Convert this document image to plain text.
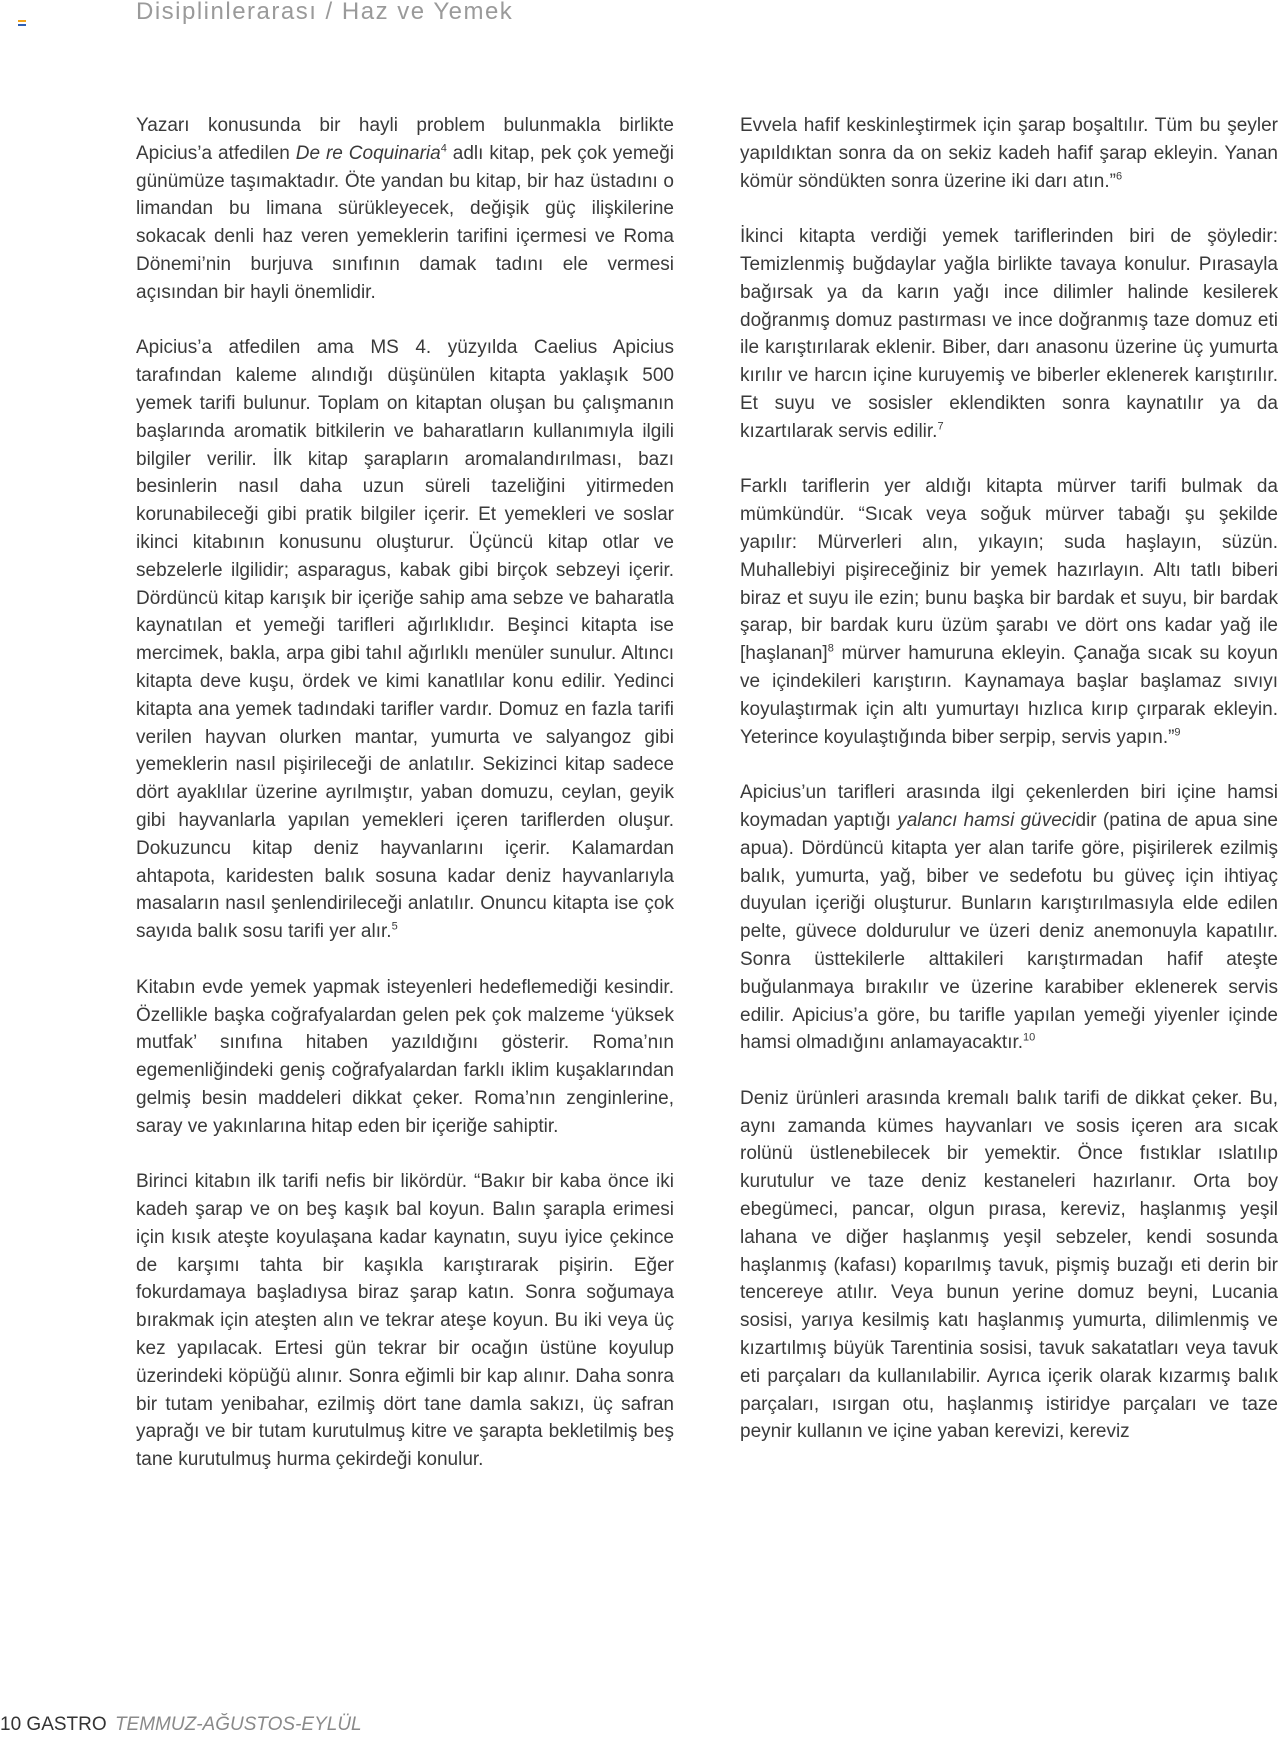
Disiplinlerarası / Haz ve Yemek

Yazarı konusunda bir hayli problem bulunmakla birlikte Apicius’a atfedilen De re Coquinaria$^4$ adlı kitap, pek çok yemeği günümüze taşımaktadır. Öte yandan bu kitap, bir haz üstadını o limandan bu limana sürükleyecek, değişik güç ilişkilerine sokacak denli haz veren yemeklerin tarifini içermesi ve Roma Dönemi’nin burjuva sınıfının damak tadını ele vermesi açısından bir hayli önemlidir.

Apicius’a atfedilen ama MS 4. yüzyılda Caelius Apicius tarafından kaleme alındığı düşünülen kitapta yaklaşık 500 yemek tarifi bulunur. Toplam on kitaptan oluşan bu çalışmanın başlarında aromatik bitkilerin ve baharatların kullanımıyla ilgili bilgiler verilir. İlk kitap şarapların aromalandırılması, bazı besinlerin nasıl daha uzun süreli tazeliğini yitirmeden korunabileceği gibi pratik bilgiler içerir. Et yemekleri ve soslar ikinci kitabının konusunu oluşturur. Üçüncü kitap otlar ve sebzelerle ilgilidir; asparagus, kabak gibi birçok sebzeyi içerir. Dördüncü kitap karışık bir içeriğe sahip ama sebze ve baharatla kaynatılan et yemeği tarifleri ağırlıklıdır. Beşinci kitapta ise mercimek, bakla, arpa gibi tahıl ağırlıklı menüler sunulur. Altıncı kitapta deve kuşu, ördek ve kimi kanatlılar konu edilir. Yedinci kitapta ana yemek tadındaki tarifler vardır. Domuz en fazla tarifi verilen hayvan olurken mantar, yumurta ve salyangoz gibi yemeklerin nasıl pişirileceği de anlatılır. Sekizinci kitap sadece dört ayaklılar üzerine ayrılmıştır, yaban domuzu, ceylan, geyik gibi hayvanlarla yapılan yemekleri içeren tariflerden oluşur. Dokuzuncu kitap deniz hayvanlarını içerir. Kalamardan ahtapota, karidesten balık sosuna kadar deniz hayvanlarıyla masaların nasıl şenlendirileceği anlatılır. Onuncu kitapta ise çok sayıda balık sosu tarifi yer alır.$^5$

Kitabın evde yemek yapmak isteyenleri hedeflemediği kesindir. Özellikle başka coğrafyalardan gelen pek çok malzeme ‘yüksek mutfak’ sınıfına hitaben yazıldığını gösterir. Roma’nın egemenliğindeki geniş coğrafyalardan farklı iklim kuşaklarından gelmiş besin maddeleri dikkat çeker. Roma’nın zenginlerine, saray ve yakınlarına hitap eden bir içeriğe sahiptir.

Birinci kitabın ilk tarifi nefis bir likördür. “Bakır bir kaba önce iki kadeh şarap ve on beş kaşık bal koyun. Balın şarapla erimesi için kısık ateşte koyulaşana kadar kaynatın, suyu iyice çekince de karşımı tahta bir kaşıkla karıştırarak pişirin. Eğer fokurdamaya başladıysa biraz şarap katın. Sonra soğumaya bırakmak için ateşten alın ve tekrar ateşe koyun. Bu iki veya üç kez yapılacak. Ertesi gün tekrar bir ocağın üstüne koyulup üzerindeki köpüğü alınır. Sonra eğimli bir kap alınır. Daha sonra bir tutam yenibahar, ezilmiş dört tane damla sakızı, üç safran yaprağı ve bir tutam kurutulmuş kitre ve şarapta bekletilmiş beş tane kurutulmuş hurma çekirdeği konulur.

Evvela hafif keskinleştirmek için şarap boşaltılır. Tüm bu şeyler yapıldıktan sonra da on sekiz kadeh hafif şarap ekleyin. Yanan kömür söndükten sonra üzerine iki darı atın.”$^6$

İkinci kitapta verdiği yemek tariflerinden biri de şöyledir: Temizlenmiş buğdaylar yağla birlikte tavaya konulur. Pırasayla bağırsak ya da karın yağı ince dilimler halinde kesilerek doğranmış domuz pastırması ve ince doğranmış taze domuz eti ile karıştırılarak eklenir. Biber, darı anasonu üzerine üç yumurta kırılır ve harcın içine kuruyemiş ve biberler eklenerek karıştırılır. Et suyu ve sosisler eklendikten sonra kaynatılır ya da kızartılarak servis edilir.$^7$

Farklı tariflerin yer aldığı kitapta mürver tarifi bulmak da mümkündür. “Sıcak veya soğuk mürver tabağı şu şekilde yapılır: Mürverleri alın, yıkayın; suda haşlayın, süzün. Muhallebiyi pişireceğiniz bir yemek hazırlayın. Altı tatlı biberi biraz et suyu ile ezin; bunu başka bir bardak et suyu, bir bardak şarap, bir bardak kuru üzüm şarabı ve dört ons kadar yağ ile [haşlanan]$^8$ mürver hamuruna ekleyin. Çanağa sıcak su koyun ve içindekileri karıştırın. Kaynamaya başlar başlamaz sıvıyı koyulaştırmak için altı yumurtayı hızlıca kırıp çırparak ekleyin. Yeterince koyulaştığında biber serpip, servis yapın.”$^9$

Apicius’un tarifleri arasında ilgi çekenlerden biri içine hamsi koymadan yaptığı yalancı hamsi güvecidir (patina de apua sine apua). Dördüncü kitapta yer alan tarife göre, pişirilerek ezilmiş balık, yumurta, yağ, biber ve sedefotu bu güveç için ihtiyaç duyulan içeriği oluşturur. Bunların karıştırılmasıyla elde edilen pelte, güvece doldurulur ve üzeri deniz anemonuyla kapatılır. Sonra üsttekilerle alttakileri karıştırmadan hafif ateşte buğulanmaya bırakılır ve üzerine karabiber eklenerek servis edilir. Apicius’a göre, bu tarifle yapılan yemeği yiyenler içinde hamsi olmadığını anlamayacaktır.$^{10}$

Deniz ürünleri arasında kremalı balık tarifi de dikkat çeker. Bu, aynı zamanda kümes hayvanları ve sosis içeren ara sıcak rolünü üstlenebilecek bir yemektir. Önce fıstıklar ıslatılıp kurutulur ve taze deniz kestaneleri hazırlanır. Orta boy ebegümeci, pancar, olgun pırasa, kereviz, haşlanmış yeşil lahana ve diğer haşlanmış yeşil sebzeler, kendi sosunda haşlanmış (kafası) koparılmış tavuk, pişmiş buzağı eti derin bir tencereye atılır. Veya bunun yerine domuz beyni, Lucania sosisi, yarıya kesilmiş katı haşlanmış yumurta, dilimlenmiş ve kızartılmış büyük Tarentinia sosisi, tavuk sakatatları veya tavuk eti parçaları da kullanılabilir. Ayrıca içerik olarak kızarmış balık parçaları, ısırgan otu, haşlanmış istiridye parçaları ve taze peynir kullanın ve içine yaban kerevizi, kereviz

10 GASTRO TEMMUZ-AĞUSTOS-EYLÜL
